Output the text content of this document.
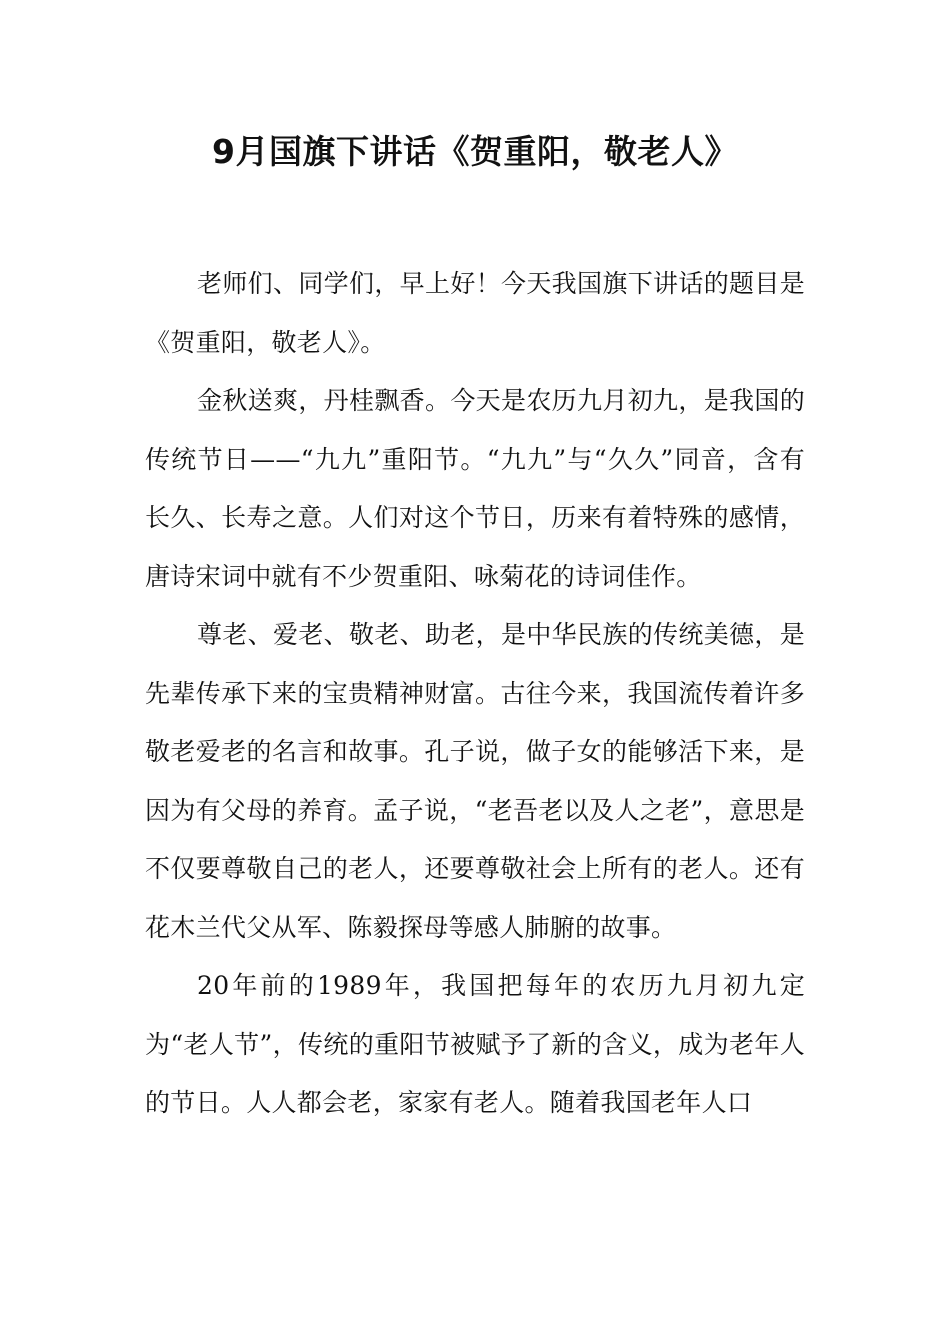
9月国旗下讲话《贺重阳，敬老人》

老师们、同学们，早上好！今天我国旗下讲话的题目是《贺重阳，敬老人》。

金秋送爽，丹桂飘香。今天是农历九月初九，是我国的传统节日——“九九”重阳节。“九九”与“久久”同音，含有长久、长寿之意。人们对这个节日，历来有着特殊的感情，唐诗宋词中就有不少贺重阳、咏菊花的诗词佳作。

尊老、爱老、敬老、助老，是中华民族的传统美德，是先辈传承下来的宝贵精神财富。古往今来，我国流传着许多敬老爱老的名言和故事。孔子说，做子女的能够活下来，是因为有父母的养育。孟子说，“老吾老以及人之老”，意思是不仅要尊敬自己的老人，还要尊敬社会上所有的老人。还有花木兰代父从军、陈毅探母等感人肺腑的故事。

20年前的1989年，我国把每年的农历九月初九定为“老人节”，传统的重阳节被赋予了新的含义，成为老年人的节日。人人都会老，家家有老人。随着我国老年人口
